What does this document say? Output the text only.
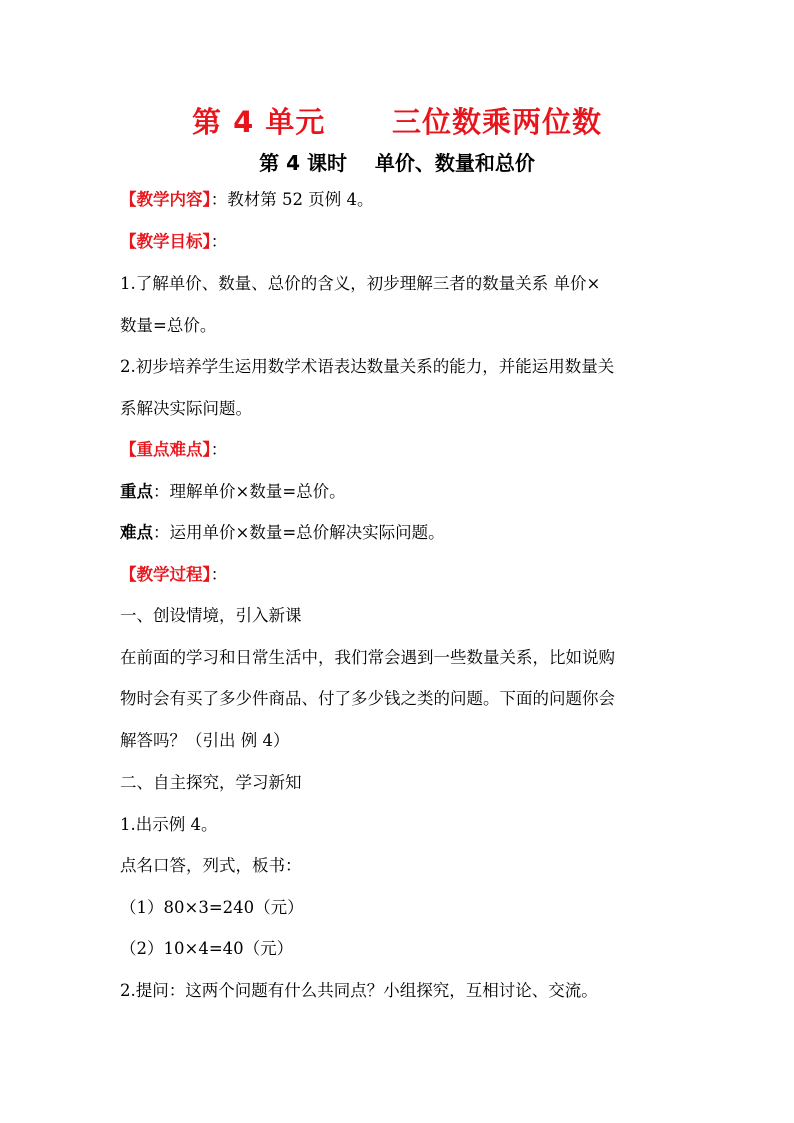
第 4 单元      三位数乘两位数
第 4 课时    单价、数量和总价
【教学内容】：教材第 52 页例 4。
【教学目标】：
1.了解单价、数量、总价的含义，初步理解三者的数量关系 单价×
数量=总价。
2.初步培养学生运用数学术语表达数量关系的能力，并能运用数量关
系解决实际问题。
【重点难点】：
重点：理解单价×数量=总价。
难点：运用单价×数量=总价解决实际问题。
【教学过程】：
一、创设情境，引入新课
在前面的学习和日常生活中，我们常会遇到一些数量关系，比如说购
物时会有买了多少件商品、付了多少钱之类的问题。下面的问题你会
解答吗？（引出 例 4）
二、自主探究，学习新知
1.出示例 4。
点名口答，列式，板书：
（1）80×3=240（元）
（2）10×4=40（元）
2.提问：这两个问题有什么共同点？小组探究，互相讨论、交流。
